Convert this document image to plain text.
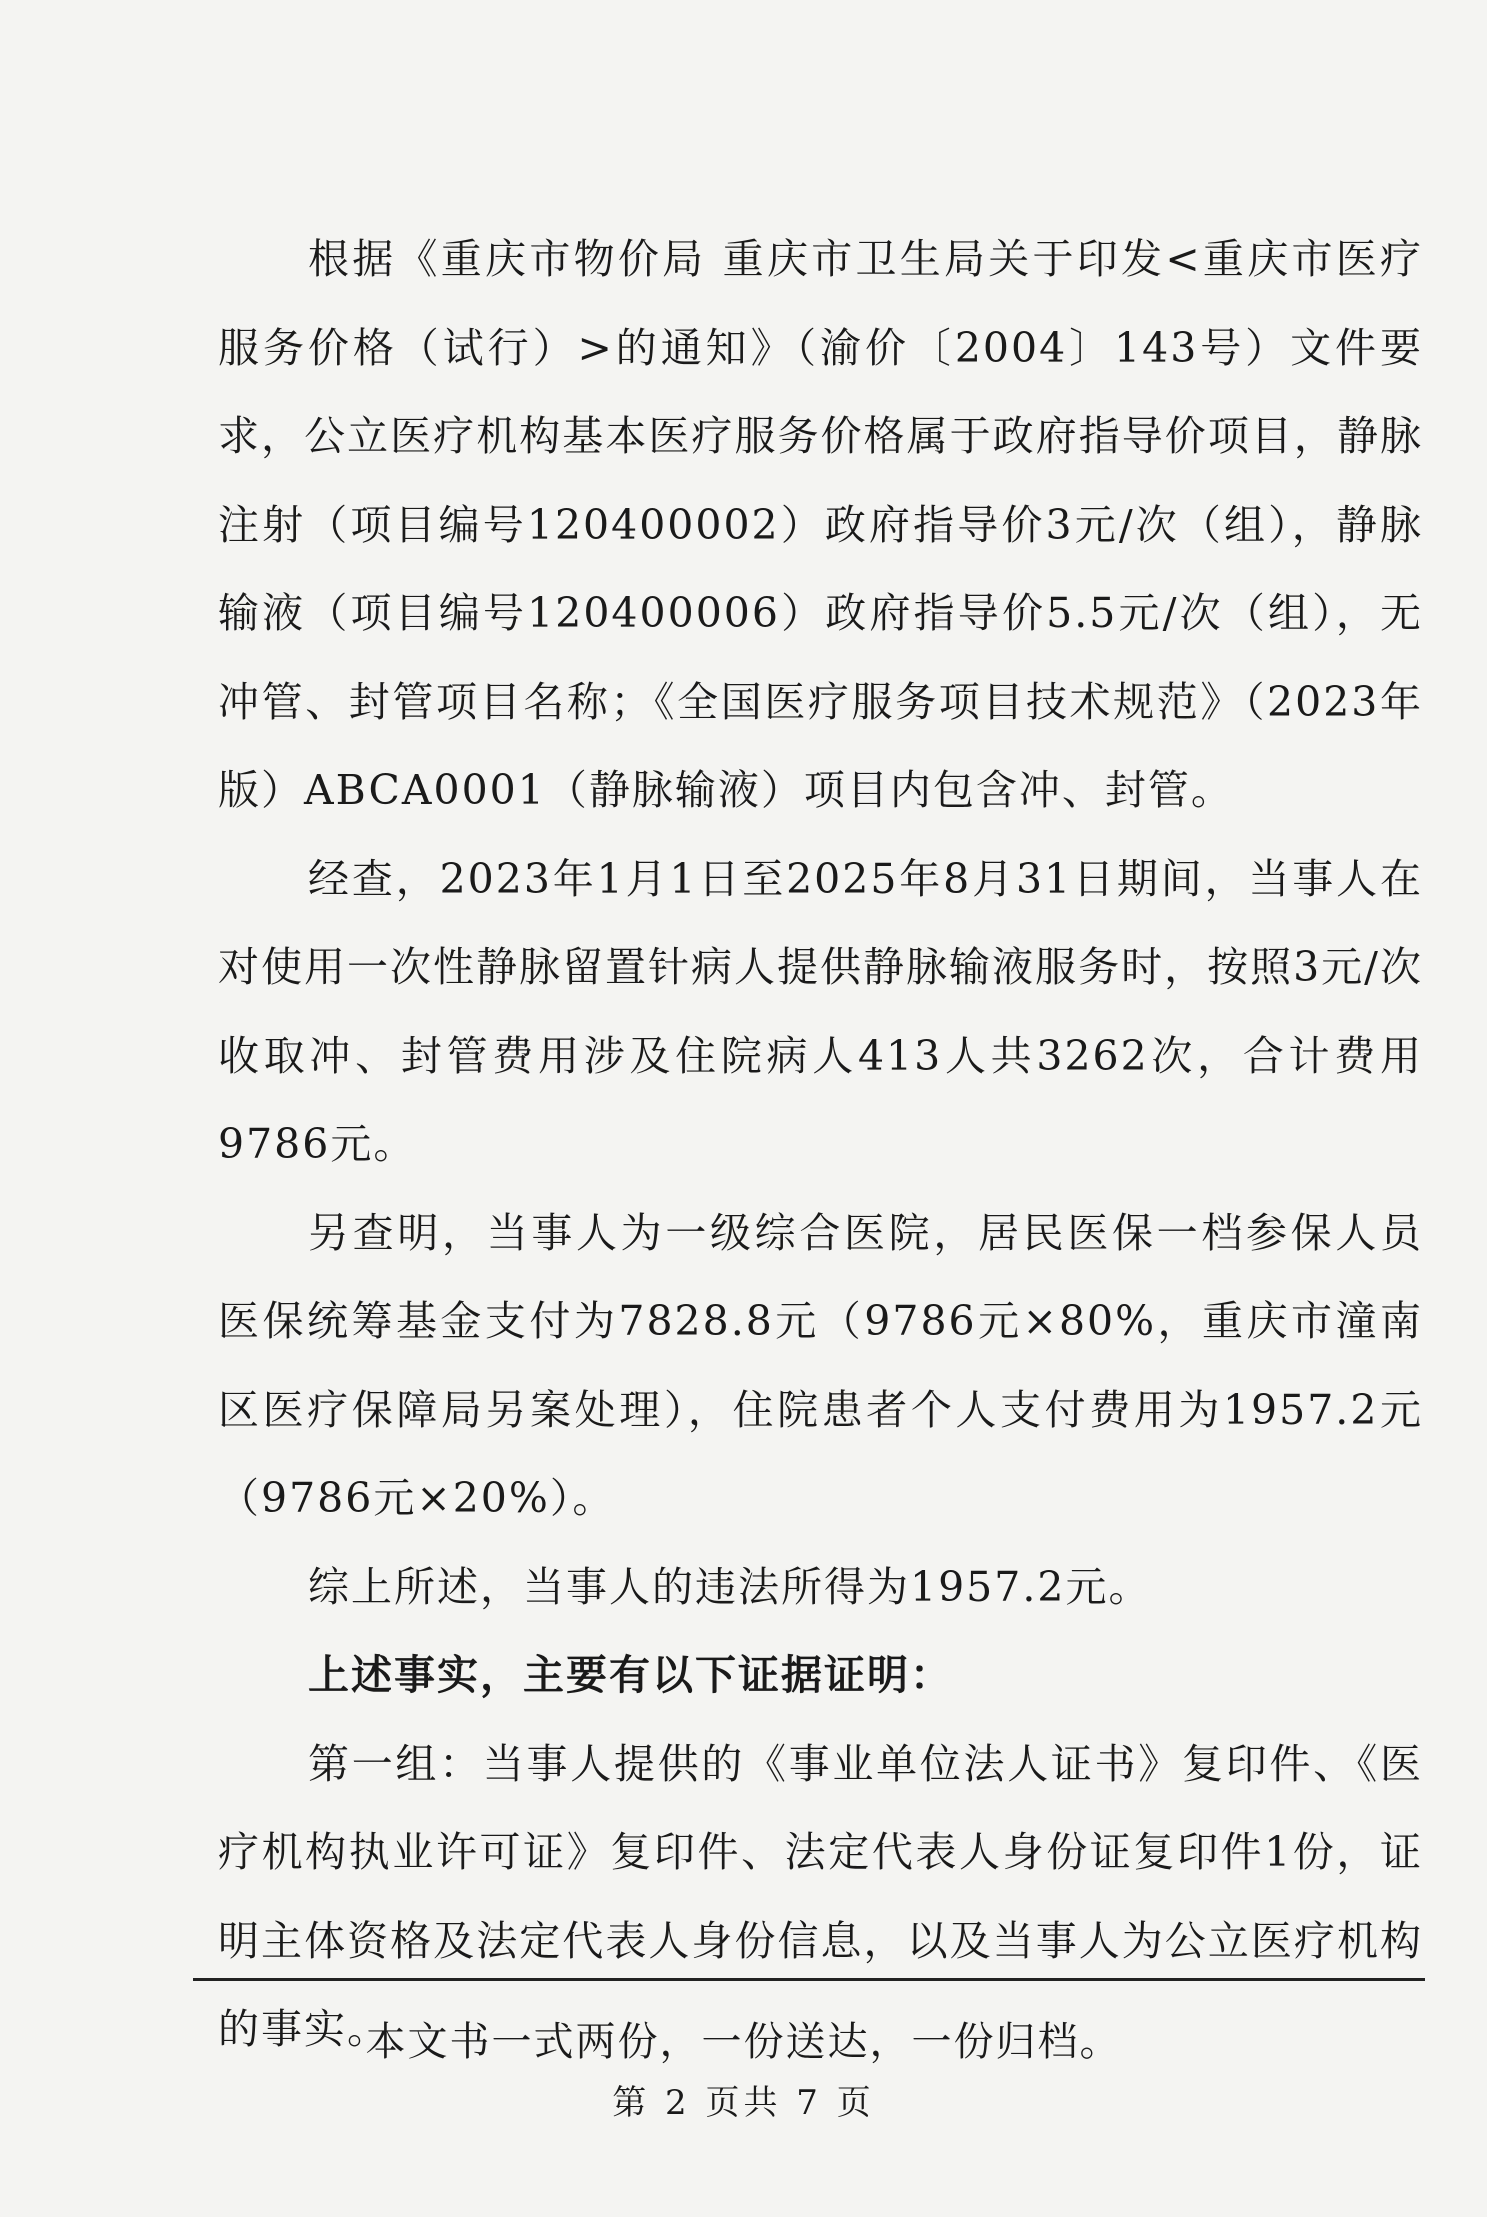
根据《重庆市物价局 重庆市卫生局关于印发<重庆市医疗服务价格（试行）>的通知》（渝价〔2004〕143号）文件要求，公立医疗机构基本医疗服务价格属于政府指导价项目，静脉注射（项目编号120400002）政府指导价3元/次（组），静脉输液（项目编号120400006）政府指导价5.5元/次（组），无冲管、封管项目名称；《全国医疗服务项目技术规范》（2023年版）ABCA0001（静脉输液）项目内包含冲、封管。

经查，2023年1月1日至2025年8月31日期间，当事人在对使用一次性静脉留置针病人提供静脉输液服务时，按照3元/次收取冲、封管费用涉及住院病人413人共3262次，合计费用9786元。

另查明，当事人为一级综合医院，居民医保一档参保人员医保统筹基金支付为7828.8元（9786元×80%，重庆市潼南区医疗保障局另案处理），住院患者个人支付费用为1957.2元（9786元×20%）。

综上所述，当事人的违法所得为1957.2元。

上述事实，主要有以下证据证明：

第一组：当事人提供的《事业单位法人证书》复印件、《医疗机构执业许可证》复印件、法定代表人身份证复印件1份，证明主体资格及法定代表人身份信息，以及当事人为公立医疗机构的事实。

本文书一式两份，一份送达，一份归档。
第 2 页共 7 页
